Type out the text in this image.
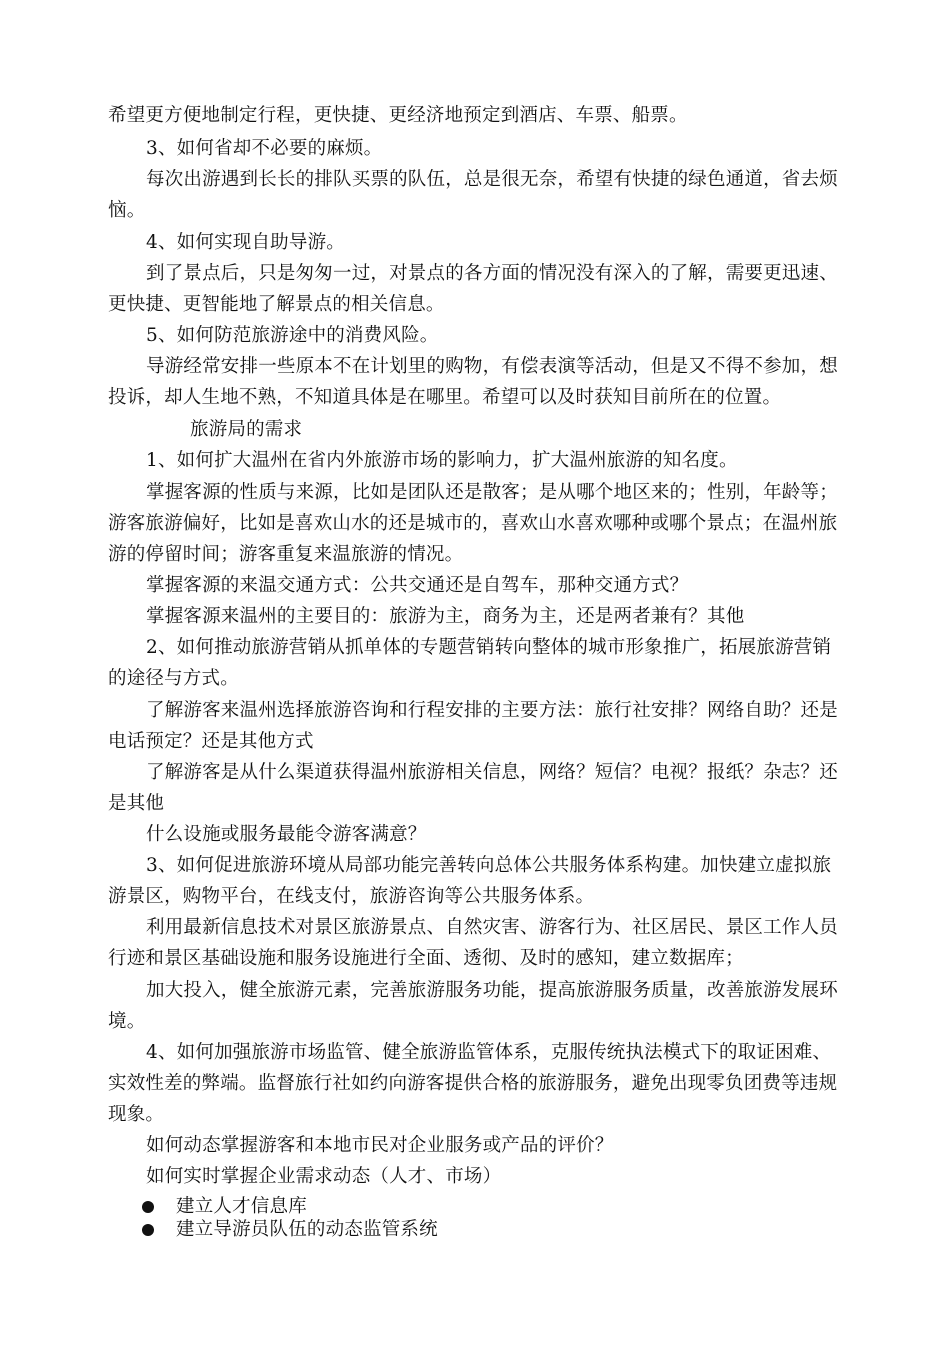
希望更方便地制定行程，更快捷、更经济地预定到酒店、车票、船票。
3、如何省却不必要的麻烦。
每次出游遇到长长的排队买票的队伍，总是很无奈，希望有快捷的绿色通道，省去烦
恼。
4、如何实现自助导游。
到了景点后，只是匆匆一过，对景点的各方面的情况没有深入的了解，需要更迅速、
更快捷、更智能地了解景点的相关信息。
5、如何防范旅游途中的消费风险。
导游经常安排一些原本不在计划里的购物，有偿表演等活动，但是又不得不参加，想
投诉，却人生地不熟，不知道具体是在哪里。希望可以及时获知目前所在的位置。
旅游局的需求
1、如何扩大温州在省内外旅游市场的影响力，扩大温州旅游的知名度。
掌握客源的性质与来源，比如是团队还是散客；是从哪个地区来的；性别，年龄等；
游客旅游偏好，比如是喜欢山水的还是城市的，喜欢山水喜欢哪种或哪个景点；在温州旅
游的停留时间；游客重复来温旅游的情况。
掌握客源的来温交通方式：公共交通还是自驾车，那种交通方式？
掌握客源来温州的主要目的：旅游为主，商务为主，还是两者兼有？其他
2、如何推动旅游营销从抓单体的专题营销转向整体的城市形象推广，拓展旅游营销
的途径与方式。
了解游客来温州选择旅游咨询和行程安排的主要方法：旅行社安排？网络自助？还是
电话预定？还是其他方式
了解游客是从什么渠道获得温州旅游相关信息，网络？短信？电视？报纸？杂志？还
是其他
什么设施或服务最能令游客满意？
3、如何促进旅游环境从局部功能完善转向总体公共服务体系构建。加快建立虚拟旅
游景区，购物平台，在线支付，旅游咨询等公共服务体系。
利用最新信息技术对景区旅游景点、自然灾害、游客行为、社区居民、景区工作人员
行迹和景区基础设施和服务设施进行全面、透彻、及时的感知，建立数据库；
加大投入，健全旅游元素，完善旅游服务功能，提高旅游服务质量，改善旅游发展环
境。
4、如何加强旅游市场监管、健全旅游监管体系，克服传统执法模式下的取证困难、
实效性差的弊端。监督旅行社如约向游客提供合格的旅游服务，避免出现零负团费等违规
现象。
如何动态掌握游客和本地市民对企业服务或产品的评价？
如何实时掌握企业需求动态（人才、市场）
建立人才信息库
建立导游员队伍的动态监管系统
